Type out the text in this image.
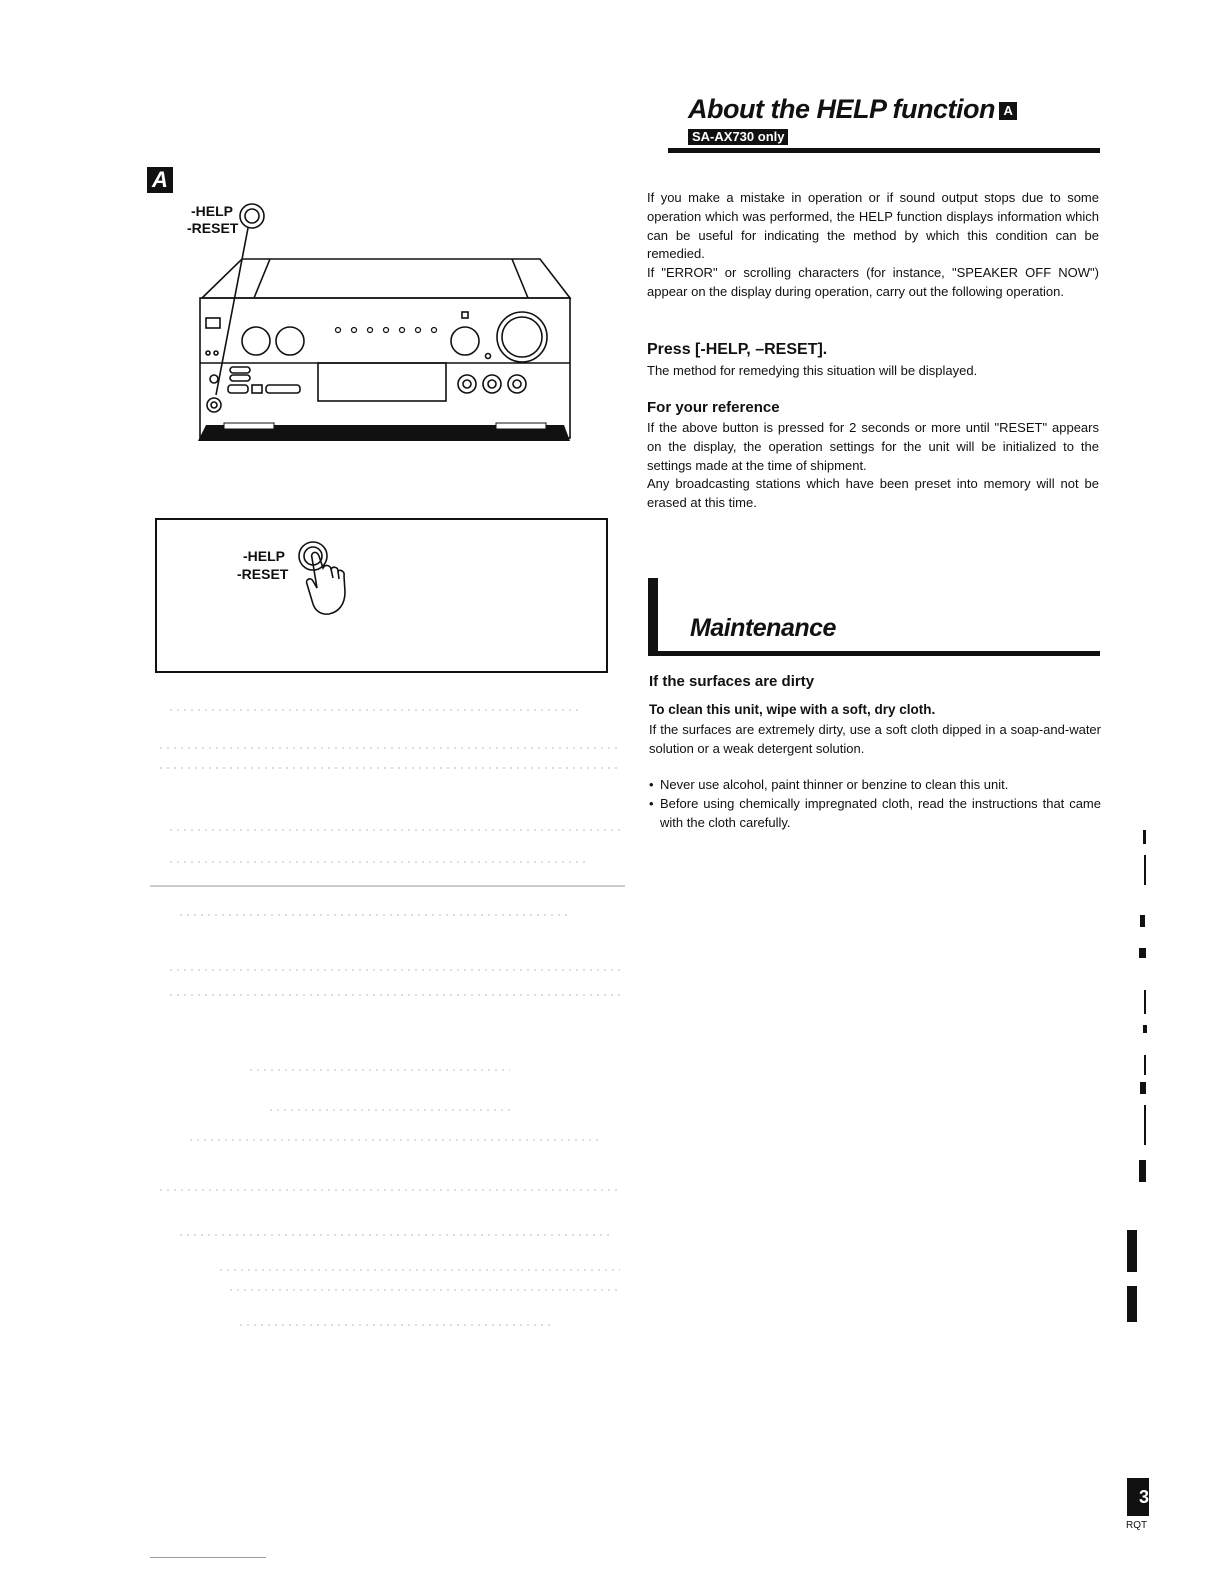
A
-HELP
-RESET
-HELP
-RESET
About the HELP function A
SA-AX730 only

If you make a mistake in operation or if sound output stops due to some operation which was performed, the HELP function displays information which can be useful for indicating the method by which this condition can be remedied.

If "ERROR" or scrolling characters (for instance, "SPEAKER OFF NOW") appear on the display during operation, carry out the following operation.

Press [-HELP, –RESET].
The method for remedying this situation will be displayed.
For your reference

If the above button is pressed for 2 seconds or more until "RESET" appears on the display, the operation settings for the unit will be initialized to the settings made at the time of shipment.

Any broadcasting stations which have been preset into memory will not be erased at this time.

Maintenance
If the surfaces are dirty
To clean this unit, wipe with a soft, dry cloth.
If the surfaces are extremely dirty, use a soft cloth dipped in a soap-and-water solution or a weak detergent solution.
• Never use alcohol, paint thinner or benzine to clean this unit.
• Before using chemically impregnated cloth, read the instructions that came with the cloth carefully.
3
RQT
